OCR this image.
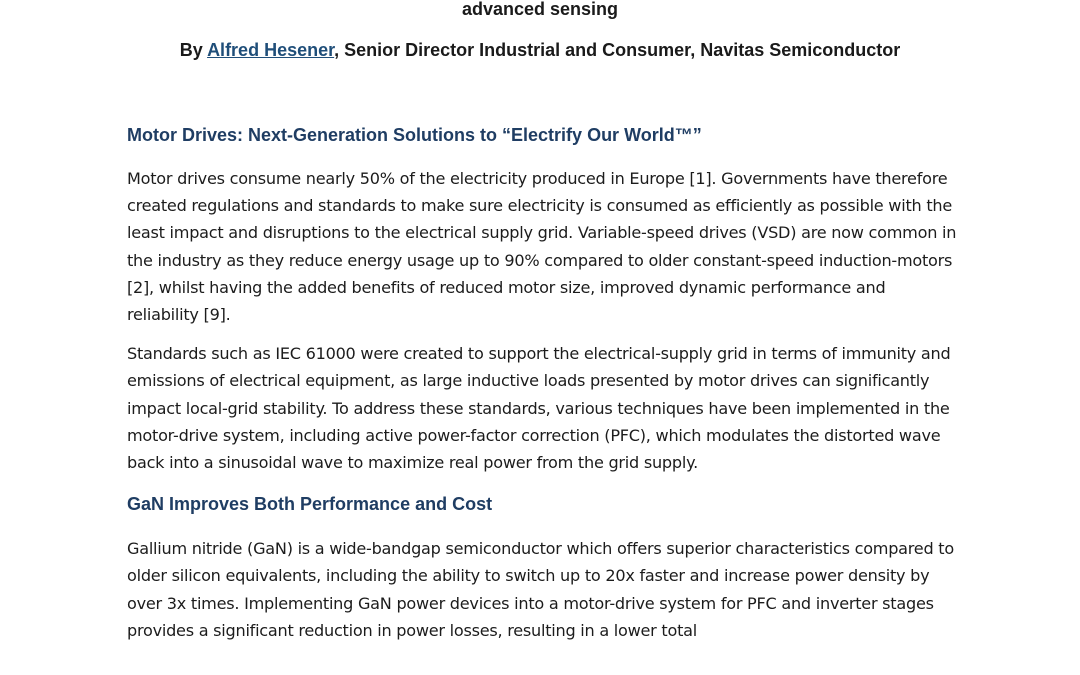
advanced sensing
By Alfred Hesener, Senior Director Industrial and Consumer, Navitas Semiconductor
Motor Drives: Next-Generation Solutions to “Electrify Our World™”

Motor drives consume nearly 50% of the electricity produced in Europe [1]. Governments have therefore created regulations and standards to make sure electricity is consumed as efficiently as possible with the least impact and disruptions to the electrical supply grid. Variable-speed drives (VSD) are now common in the industry as they reduce energy usage up to 90% compared to older constant-speed induction-motors [2], whilst having the added benefits of reduced motor size, improved dynamic performance and reliability [9].

Standards such as IEC 61000 were created to support the electrical-supply grid in terms of immunity and emissions of electrical equipment, as large inductive loads presented by motor drives can significantly impact local-grid stability. To address these standards, various techniques have been implemented in the motor-drive system, including active power-factor correction (PFC), which modulates the distorted wave back into a sinusoidal wave to maximize real power from the grid supply.

GaN Improves Both Performance and Cost

Gallium nitride (GaN) is a wide-bandgap semiconductor which offers superior characteristics compared to older silicon equivalents, including the ability to switch up to 20x faster and increase power density by over 3x times. Implementing GaN power devices into a motor-drive system for PFC and inverter stages provides a significant reduction in power losses, resulting in a lower total
